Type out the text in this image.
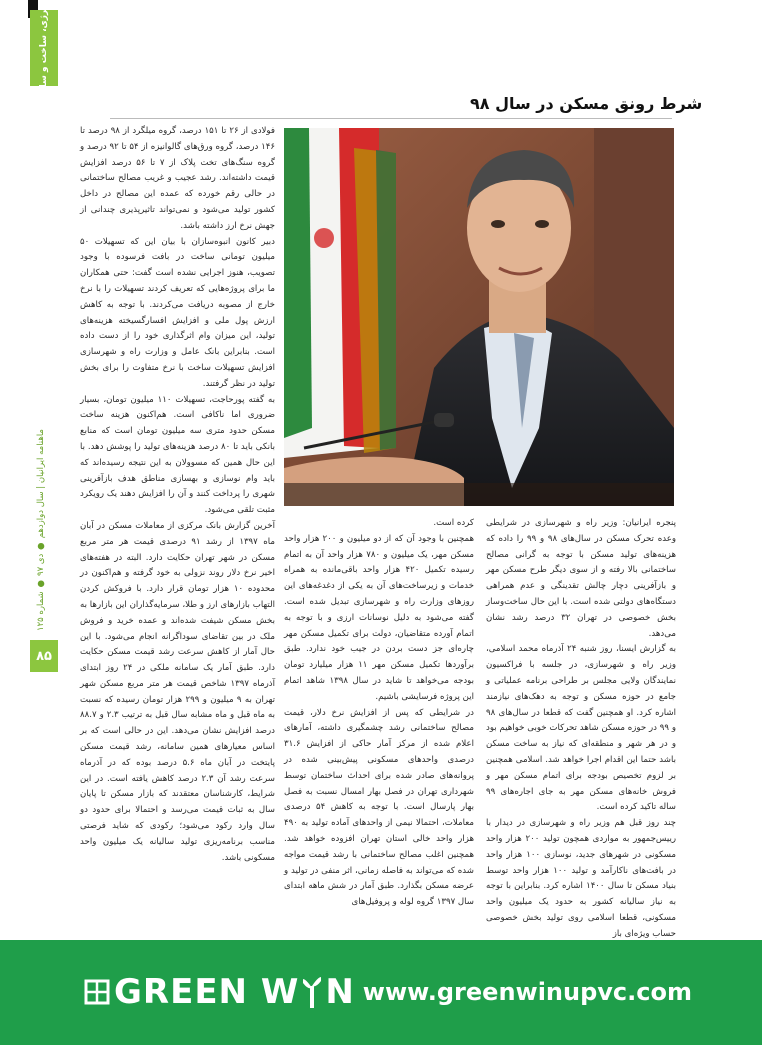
انرژی، ساخت و ساز
ماهنامه ایرانیان | سال دوازدهم ● دی ۹۷ ● شماره ۱۲۵
۸۵
شرط رونق مسکن در سال ۹۸

پنجره ایرانیان: وزیر راه و شهرسازی در شرایطی وعده تحرک مسکن در سال‌های ۹۸ و ۹۹ را داده که هزینه‌های تولید مسکن با توجه به گرانی مصالح ساختمانی بالا رفته و از سوی دیگر طرح مسکن مهر و بازآفرینی دچار چالش تقدینگی و عدم همراهی دستگاه‌های دولتی شده است. با این حال ساخت‌وساز بخش خصوصی در تهران ۳۲ درصد رشد نشان می‌دهد.

به گزارش ایسنا، روز شنبه ۲۴ آذرماه محمد اسلامی، وزیر راه و شهرسازی، در جلسه با فراکسیون نمایندگان ولایی مجلس بر طراحی برنامه عملیاتی و جامع در حوزه مسکن و توجه به دهک‌های نیازمند اشاره کرد. او همچنین گفت که قطعا در سال‌های ۹۸ و ۹۹ در حوزه مسکن شاهد تحرکات خوبی خواهیم بود و در هر شهر و منطقه‌ای که نیاز به ساخت مسکن باشد حتما این اقدام اجرا خواهد شد. اسلامی همچنین بر لزوم تخصیص بودجه برای اتمام مسکن مهر و فروش خانه‌های مسکن مهر به جای اجاره‌های ۹۹ ساله تاکید کرده است.

چند روز قبل هم وزیر راه و شهرسازی در دیدار با رییس‌جمهور به مواردی همچون تولید ۲۰۰ هزار واحد مسکونی در شهرهای جدید، نوسازی ۱۰۰ هزار واحد در بافت‌های ناکارآمد و تولید ۱۰۰ هزار واحد توسط بنیاد مسکن تا سال ۱۴۰۰ اشاره کرد. بنابراین با توجه به نیاز سالیانه کشور به حدود یک میلیون واحد مسکونی، قطعا اسلامی روی تولید بخش خصوصی حساب ویژه‌ای باز

کرده است.

همچنین با وجود آن که از دو میلیون و ۲۰۰ هزار واحد مسکن مهر، یک میلیون و ۷۸۰ هزار واحد آن به اتمام رسیده تکمیل ۴۲۰ هزار واحد باقی‌مانده به همراه خدمات و زیرساخت‌های آن به یکی از دغدغه‌های این روزهای وزارت راه و شهرسازی تبدیل شده است. گفته می‌شود به دلیل نوسانات ارزی و با توجه به اتمام آورده متقاضیان، دولت برای تکمیل مسکن مهر چاره‌ای جز دست بردن در جیب خود ندارد. طبق برآوردها تکمیل مسکن مهر ۱۱ هزار میلیارد تومان بودجه می‌خواهد تا شاید در سال ۱۳۹۸ شاهد اتمام این پروژه فرسایشی باشیم.

در شرایطی که پس از افزایش نرخ دلار، قیمت مصالح ساختمانی رشد چشمگیری داشته، آمارهای اعلام شده از مرکز آمار حاکی از افزایش ۳۱.۶ درصدی واحدهای مسکونی پیش‌بینی شده در پروانه‌های صادر شده برای احداث ساختمان توسط شهرداری تهران در فصل بهار امسال نسبت به فصل بهار پارسال است. با توجه به کاهش ۵۴ درصدی معاملات، احتمالا نیمی از واحدهای آماده تولید به ۴۹۰ هزار واحد خالی استان تهران افزوده خواهد شد. همچنین اغلب مصالح ساختمانی با رشد قیمت مواجه شده که می‌تواند به فاصله زمانی، اثر منفی در تولید و عرضه مسکن بگذارد. طبق آمار در شش ماهه ابتدای سال ۱۳۹۷ گروه لوله و پروفیل‌های

فولادی از ۲۶ تا ۱۵۱ درصد، گروه میلگرد از ۹۸ درصد تا ۱۴۶ درصد، گروه ورق‌های گالوانیزه از ۵۴ تا ۹۲ درصد و گروه سنگ‌های تخت پلاک از ۷ تا ۵۶ درصد افزایش قیمت داشته‌اند. رشد عجیب و غریب مصالح ساختمانی در حالی رقم خورده که عمده این مصالح در داخل کشور تولید می‌شود و نمی‌تواند تاثیرپذیری چندانی از جهش نرخ ارز داشته باشد.

دبیر کانون انبوه‌سازان با بیان این که تسهیلات ۵۰ میلیون تومانی ساخت در بافت فرسوده با وجود تصویب، هنوز اجرایی نشده است گفت: حتی همکاران ما برای پروژه‌هایی که تعریف کردند تسهیلات را با نرخ خارج از مصوبه دریافت می‌کردند. با توجه به کاهش ارزش پول ملی و افزایش افسارگسیخته هزینه‌های تولید، این میزان وام اثرگذاری خود را از دست داده است. بنابراین بانک عامل و وزارت راه و شهرسازی افزایش تسهیلات ساخت با نرخ متفاوت را برای بخش تولید در نظر گرفتند.

به گفته پورحاجت، تسهیلات ۱۱۰ میلیون تومان، بسیار ضروری اما ناکافی است. هم‌اکنون هزینه ساخت مسکن حدود متری سه میلیون تومان است که منابع بانکی باید تا ۸۰ درصد هزینه‌های تولید را پوشش دهد. با این حال همین که مسوولان به این نتیجه رسیده‌اند که باید وام نوسازی و بهسازی مناطق هدف بازآفرینی شهری را پرداخت کنند و آن را افزایش دهند یک رویکرد مثبت تلقی می‌شود.

آخرین گزارش بانک مرکزی از معاملات مسکن در آبان ماه ۱۳۹۷ از رشد ۹۱ درصدی قیمت هر متر مربع مسکن در شهر تهران حکایت دارد. البته در هفته‌های اخیر نرخ دلار روند نزولی به خود گرفته و هم‌اکنون در محدوده ۱۰ هزار تومان قرار دارد. با فروکش کردن التهاب بازارهای ارز و طلا، سرمایه‌گذاران این بازارها به بخش مسکن شیفت شده‌اند و عمده خرید و فروش ملک در بین تقاضای سوداگرانه انجام می‌شود. با این حال آمار از کاهش سرعت رشد قیمت مسکن حکایت دارد. طبق آمار یک سامانه ملکی در ۲۴ روز ابتدای آذرماه ۱۳۹۷ شاخص قیمت هر متر مربع مسکن شهر تهران به ۹ میلیون و ۲۹۹ هزار تومان رسیده که نسبت به ماه قبل و ماه مشابه سال قبل به ترتیب ۲.۳ و ۸۸.۷ درصد افزایش نشان می‌دهد. این در حالی است که بر اساس معیارهای همین سامانه، رشد قیمت مسکن پایتخت در آبان ماه ۵.۶ درصد بوده که در آذرماه سرعت رشد آن ۲.۳ درصد کاهش یافته است. در این شرایط، کارشناسان معتقدند که بازار مسکن تا پایان سال به ثبات قیمت می‌رسد و احتمالا برای حدود دو سال وارد رکود می‌شود؛ رکودی که شاید فرصتی مناسب برنامه‌ریزی تولید سالیانه یک میلیون واحد مسکونی باشد.

GREEN W N www.greenwinupvc.com
